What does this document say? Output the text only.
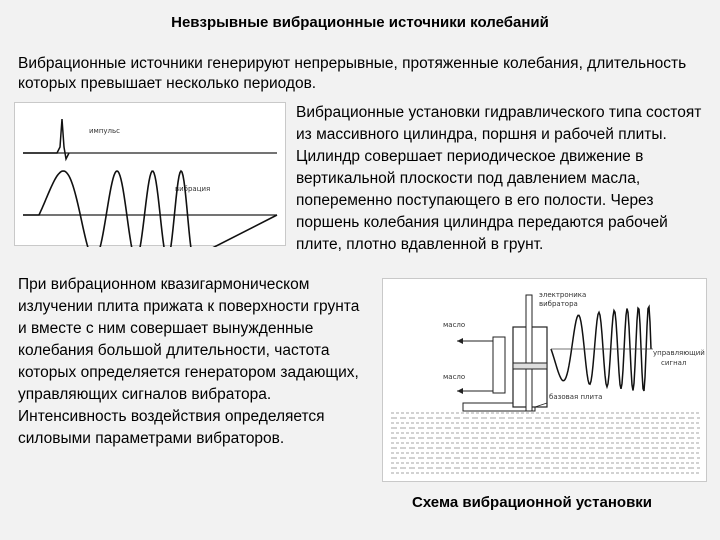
Невзрывные вибрационные источники колебаний
Вибрационные источники генерируют непрерывные, протяженные колебания, длительность которых превышает несколько периодов.
импульс
вибрация
Вибрационные установки гидравлического типа состоят из массивного цилиндра, поршня и рабочей плиты. Цилиндр совершает периодическое движение в вертикальной плоскости под давлением масла, попеременно поступающего в его полости. Через поршень колебания цилиндра передаются рабочей плите, плотно вдавленной в грунт.
При вибрационном квазигармоническом излучении плита прижата к поверхности грунта и вместе с ним совершает вынужденные колебания большой длительности, частота которых определяется генератором задающих, управляющих сигналов вибратора. Интенсивность воздействия определяется силовыми параметрами вибраторов.
масло
масло
базовая плита
электроника
вибратора
управляющий
сигнал
Схема вибрационной установки
